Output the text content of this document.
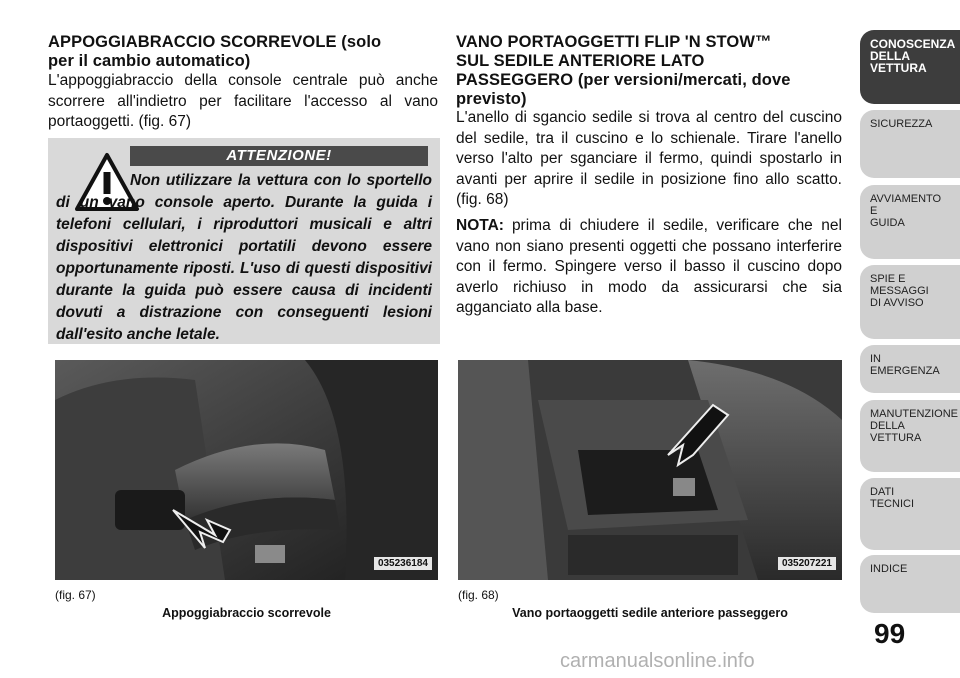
APPOGGIABRACCIO SCORREVOLE (solo
per il cambio automatico)
L'appoggiabraccio della console centrale può anche scorrere all'indietro per facilitare l'accesso al vano portaoggetti. (fig. 67)
ATTENZIONE!
Non utilizzare la vettura con lo sportello di un vano console aperto. Durante la guida i telefoni cellulari, i riproduttori musicali e altri dispositivi elettronici portatili devono essere opportunamente riposti. L'uso di questi dispositivi durante la guida può essere causa di incidenti dovuti a distrazione con conseguenti lesioni dall'esito anche letale.
035236184
(fig. 67)
Appoggiabraccio scorrevole
VANO PORTAOGGETTI FLIP 'N STOW™
SUL SEDILE ANTERIORE LATO
PASSEGGERO (per versioni/mercati, dove
previsto)
L'anello di sgancio sedile si trova al centro del cuscino del sedile, tra il cuscino e lo schienale. Tirare l'anello verso l'alto per sganciare il fermo, quindi spostarlo in avanti per aprire il sedile in posizione fino allo scatto. (fig. 68)
NOTA: prima di chiudere il sedile, verificare che nel vano non siano presenti oggetti che possano interferire con il fermo. Spingere verso il basso il cuscino dopo averlo richiuso in modo da assicurarsi che sia agganciato alla base.
035207221
(fig. 68)
Vano portaoggetti sedile anteriore passeggero
CONOSCENZA
DELLA
VETTURA
SICUREZZA
AVVIAMENTO
E
GUIDA
SPIE E
MESSAGGI
DI AVVISO
IN
EMERGENZA
MANUTENZIONE
DELLA
VETTURA
DATI
TECNICI
INDICE
99
carmanualsonline.info
